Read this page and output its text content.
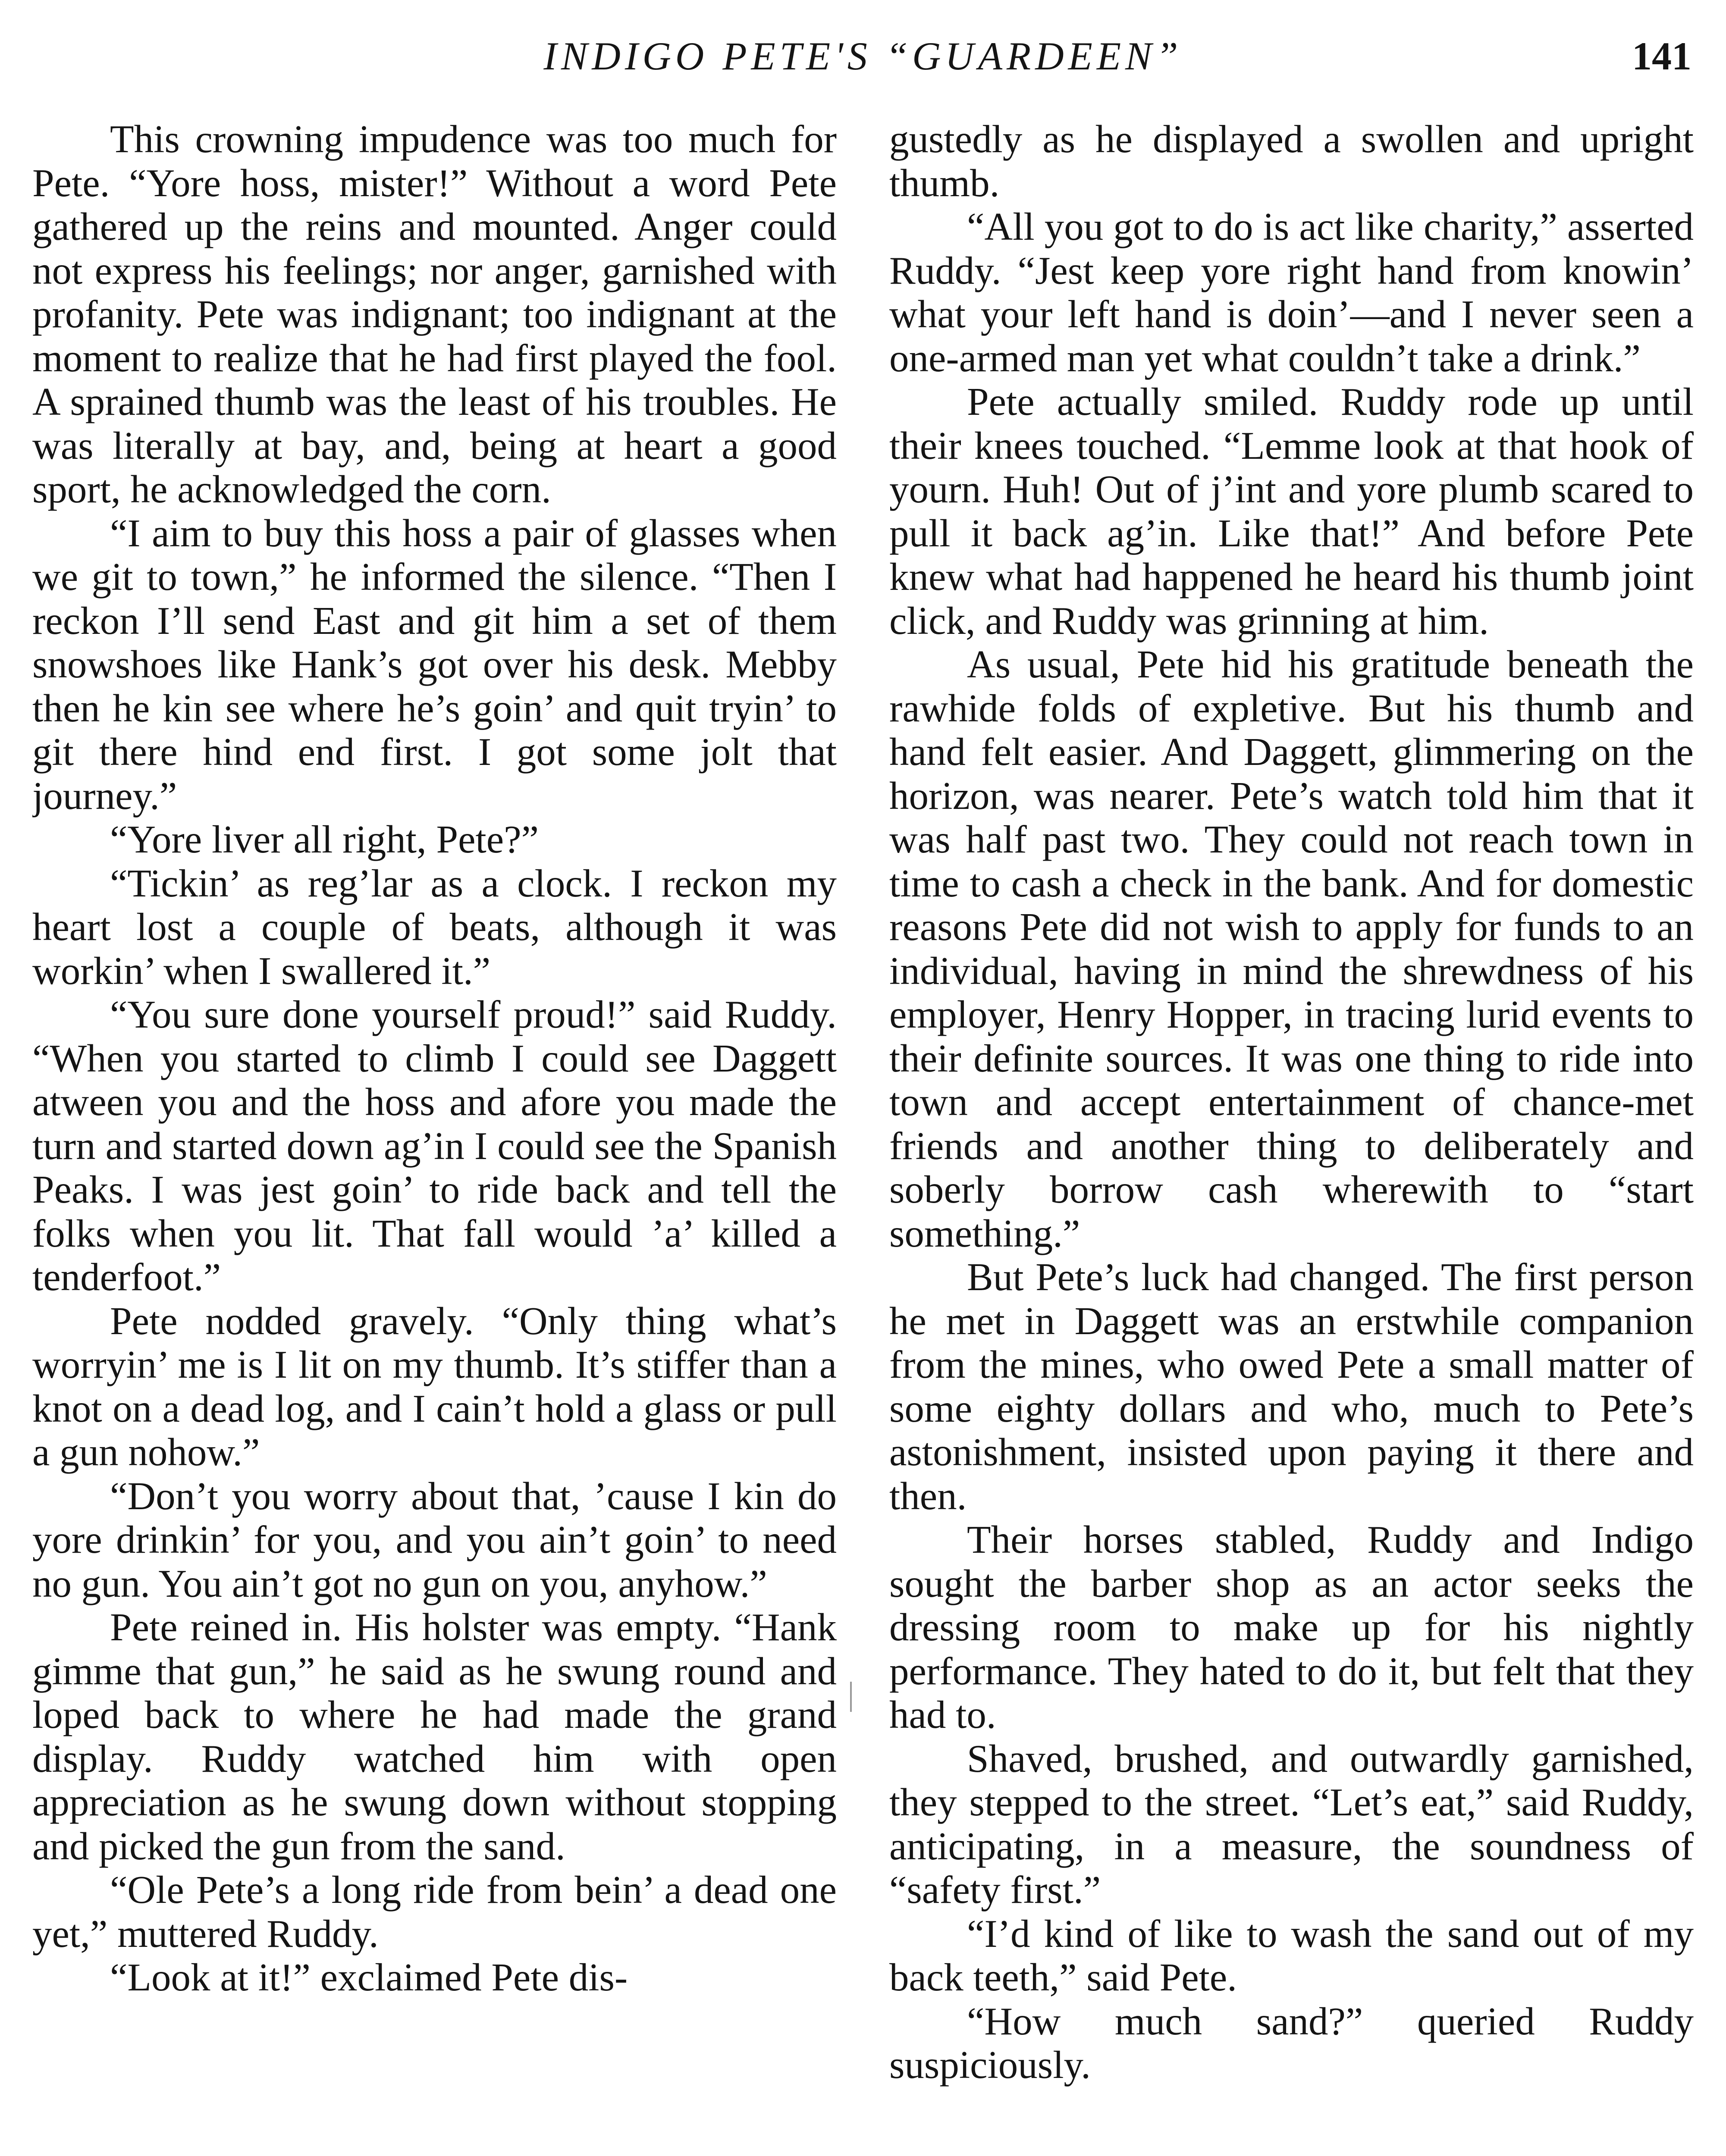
INDIGO PETE'S “GUARDEEN”	141

This crowning impudence was too much for Pete. “Yore hoss, mister!” Without a word Pete gathered up the reins and mounted. Anger could not express his feelings; nor anger, garnished with profanity. Pete was indignant; too indignant at the moment to realize that he had first played the fool. A sprained thumb was the least of his troubles. He was literally at bay, and, being at heart a good sport, he acknowledged the corn.

“I aim to buy this hoss a pair of glasses when we git to town,” he informed the silence. “Then I reckon I’ll send East and git him a set of them snowshoes like Hank’s got over his desk. Mebby then he kin see where he’s goin’ and quit tryin’ to git there hind end first. I got some jolt that journey.”

“Yore liver all right, Pete?”

“Tickin’ as reg’lar as a clock. I reckon my heart lost a couple of beats, although it was workin’ when I swallered it.”

“You sure done yourself proud!” said Ruddy. “When you started to climb I could see Daggett atween you and the hoss and afore you made the turn and started down ag’in I could see the Spanish Peaks. I was jest goin’ to ride back and tell the folks when you lit. That fall would ’a’ killed a tenderfoot.”

Pete nodded gravely. “Only thing what’s worryin’ me is I lit on my thumb. It’s stiffer than a knot on a dead log, and I cain’t hold a glass or pull a gun nohow.”

“Don’t you worry about that, ’cause I kin do yore drinkin’ for you, and you ain’t goin’ to need no gun. You ain’t got no gun on you, anyhow.”

Pete reined in. His holster was empty. “Hank gimme that gun,” he said as he swung round and loped back to where he had made the grand display. Ruddy watched him with open appreciation as he swung down without stopping and picked the gun from the sand.

“Ole Pete’s a long ride from bein’ a dead one yet,” muttered Ruddy.

“Look at it!” exclaimed Pete dis-

gustedly as he displayed a swollen and upright thumb.

“All you got to do is act like charity,” asserted Ruddy. “Jest keep yore right hand from knowin’ what your left hand is doin’—and I never seen a one-armed man yet what couldn’t take a drink.”

Pete actually smiled. Ruddy rode up until their knees touched. “Lemme look at that hook of yourn. Huh! Out of j’int and yore plumb scared to pull it back ag’in. Like that!” And before Pete knew what had happened he heard his thumb joint click, and Ruddy was grinning at him.

As usual, Pete hid his gratitude beneath the rawhide folds of expletive. But his thumb and hand felt easier. And Daggett, glimmering on the horizon, was nearer. Pete’s watch told him that it was half past two. They could not reach town in time to cash a check in the bank. And for domestic reasons Pete did not wish to apply for funds to an individual, having in mind the shrewdness of his employer, Henry Hopper, in tracing lurid events to their definite sources. It was one thing to ride into town and accept entertainment of chance-met friends and another thing to deliberately and soberly borrow cash wherewith to “start something.”

But Pete’s luck had changed. The first person he met in Daggett was an erstwhile companion from the mines, who owed Pete a small matter of some eighty dollars and who, much to Pete’s astonishment, insisted upon paying it there and then.

Their horses stabled, Ruddy and Indigo sought the barber shop as an actor seeks the dressing room to make up for his nightly performance. They hated to do it, but felt that they had to.

Shaved, brushed, and outwardly garnished, they stepped to the street. “Let’s eat,” said Ruddy, anticipating, in a measure, the soundness of “safety first.”

“I’d kind of like to wash the sand out of my back teeth,” said Pete.

“How much sand?” queried Ruddy suspiciously.
